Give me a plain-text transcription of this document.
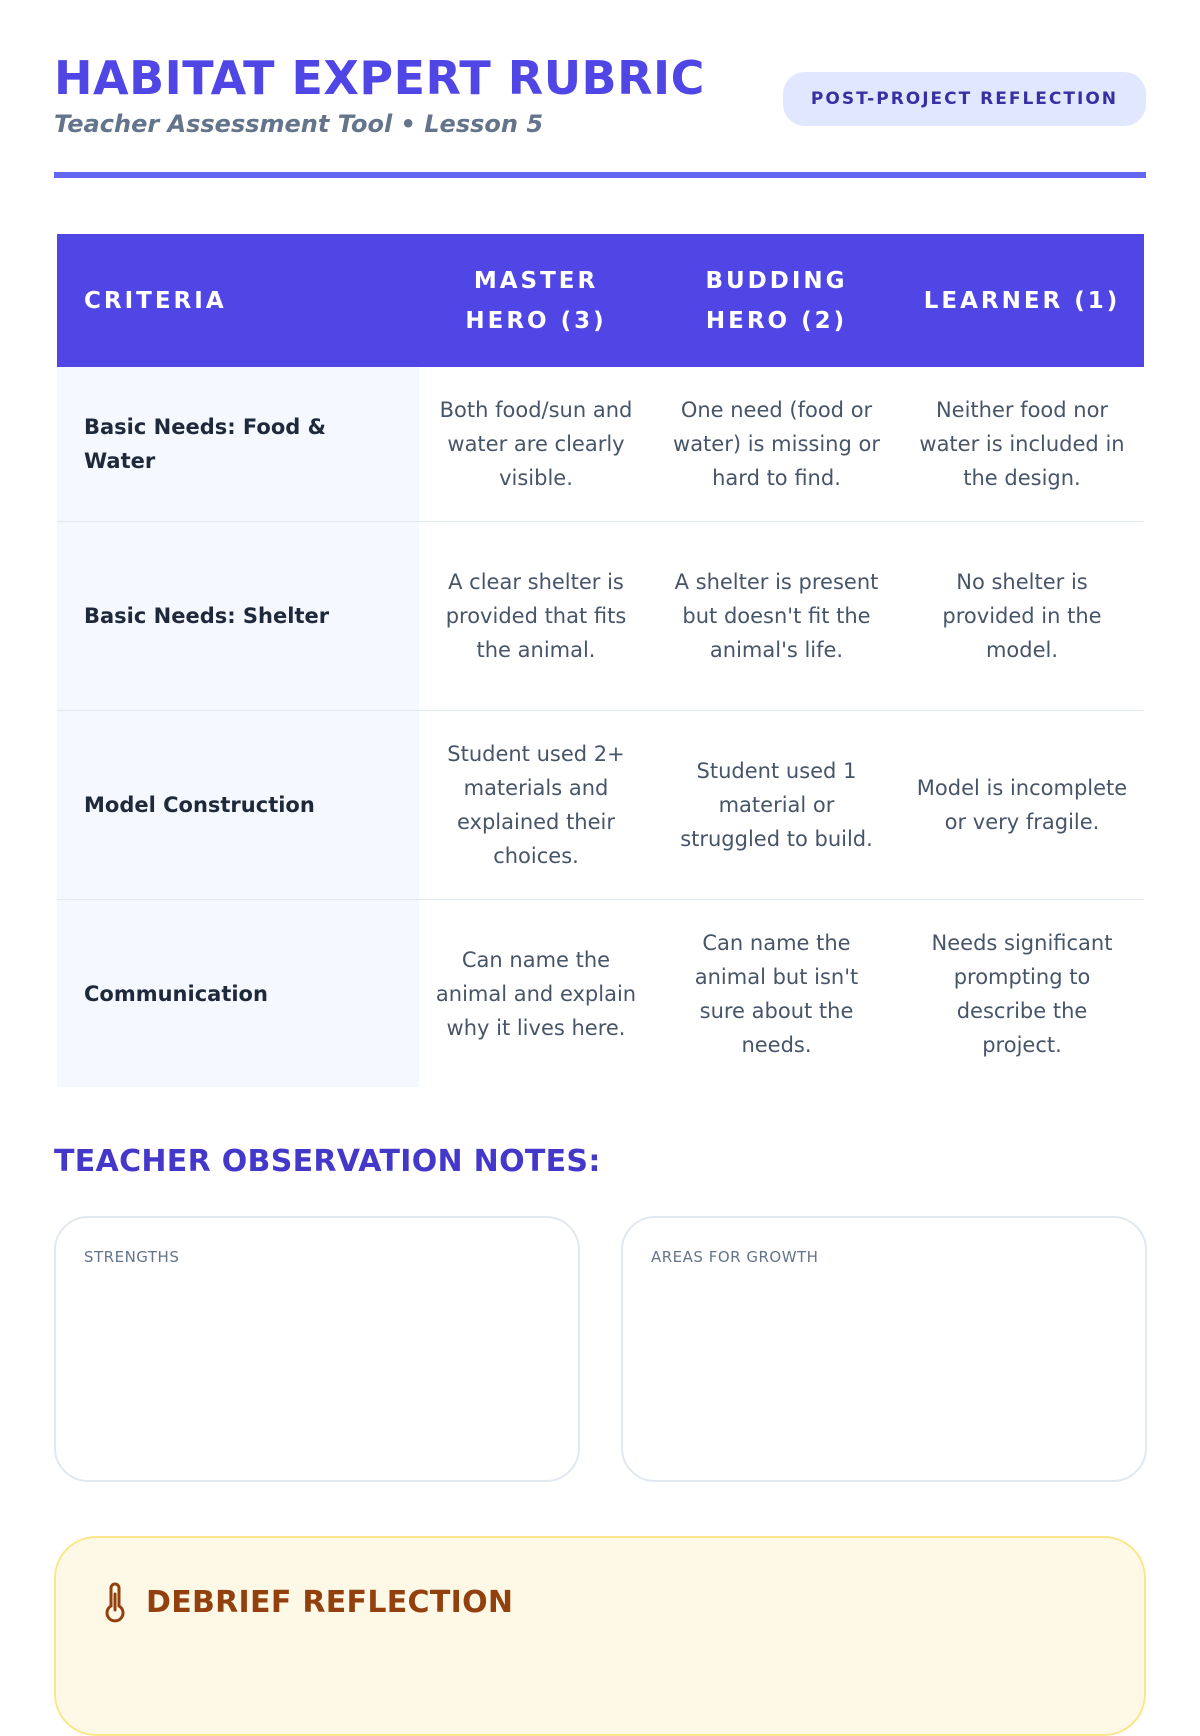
HABITAT EXPERT RUBRIC
Teacher Assessment Tool • Lesson 5
POST-PROJECT REFLECTION
CRITERIA
MASTER HERO (3)
BUDDING HERO (2)
LEARNER (1)
Basic Needs: Food & Water
Both food/sun and water are clearly visible.
One need (food or water) is missing or hard to find.
Neither food nor water is included in the design.
Basic Needs: Shelter
A clear shelter is provided that fits the animal.
A shelter is present but doesn't fit the animal's life.
No shelter is provided in the model.
Model Construction
Student used 2+ materials and explained their choices.
Student used 1 material or struggled to build.
Model is incomplete or very fragile.
Communication
Can name the animal and explain why it lives here.
Can name the animal but isn't sure about the needs.
Needs significant prompting to describe the project.
TEACHER OBSERVATION NOTES:
STRENGTHS	AREAS FOR GROWTH
DEBRIEF REFLECTION
